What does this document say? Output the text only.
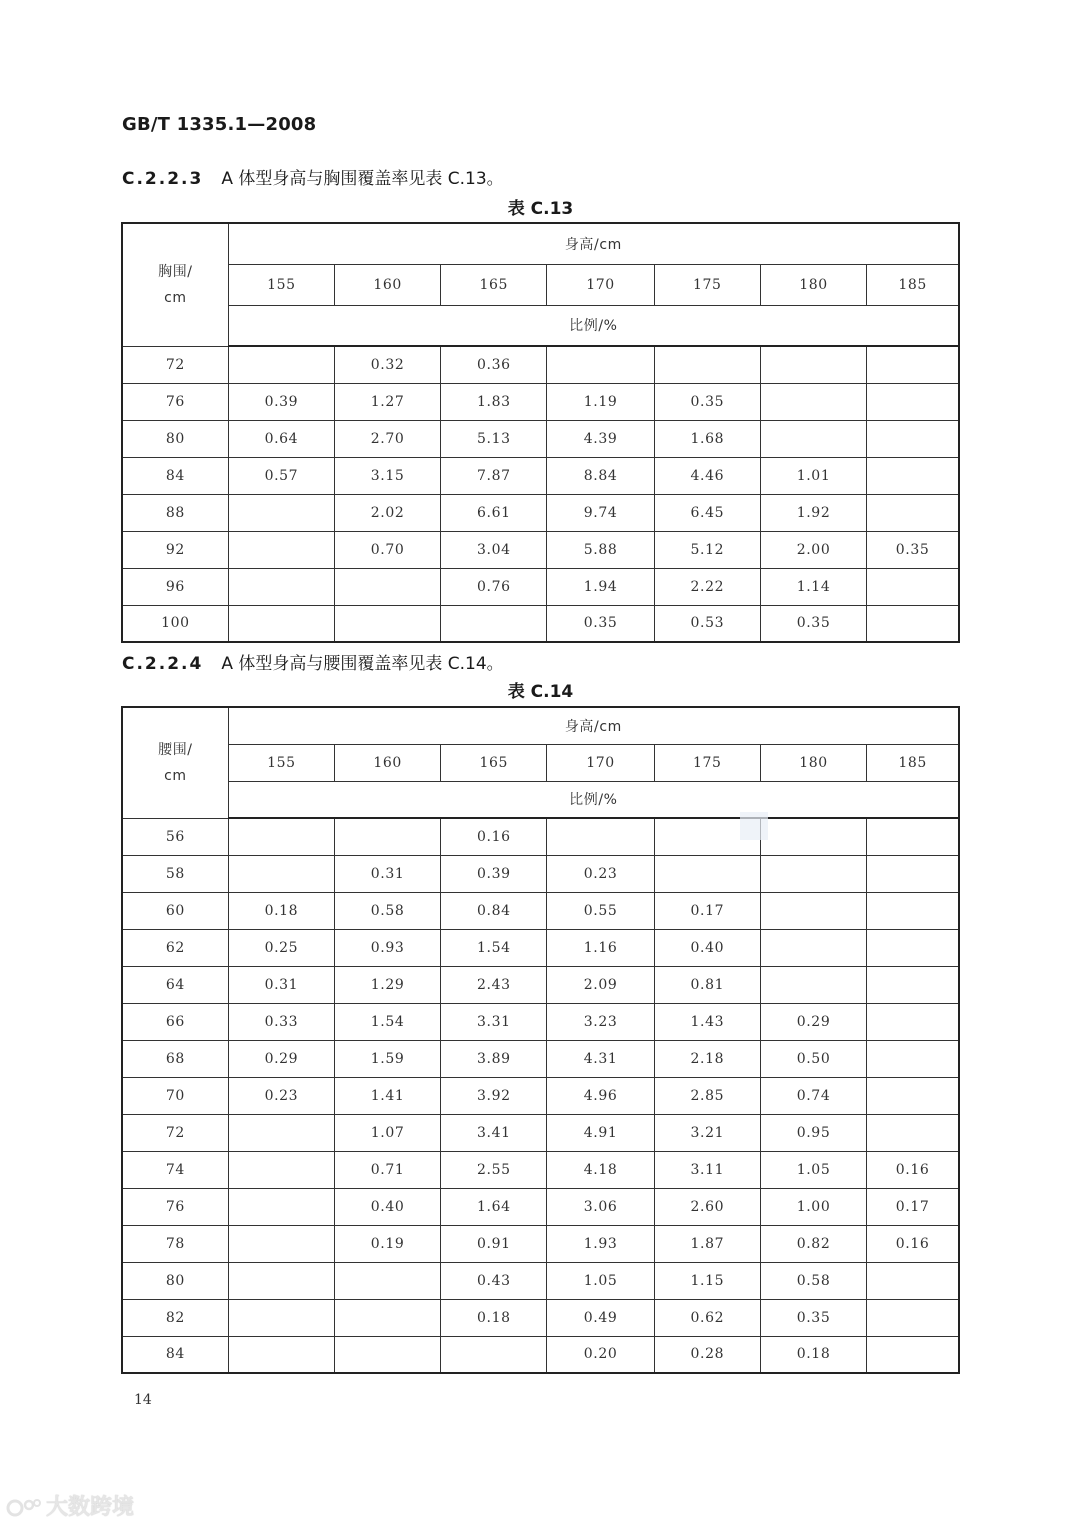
GB/T 1335.1—2008
C.2.2.3 A 体型身高与胸围覆盖率见表 C.13。
表 C.13
胸围/
cm	身高/cm						
	155	160	165	170	175	180	185
	比例/%						
72		0.32	0.36				
76	0.39	1.27	1.83	1.19	0.35		
80	0.64	2.70	5.13	4.39	1.68		
84	0.57	3.15	7.87	8.84	4.46	1.01	
88		2.02	6.61	9.74	6.45	1.92	
92		0.70	3.04	5.88	5.12	2.00	0.35
96			0.76	1.94	2.22	1.14	
100				0.35	0.53	0.35	
C.2.2.4 A 体型身高与腰围覆盖率见表 C.14。
表 C.14
腰围/
cm	身高/cm						
	155	160	165	170	175	180	185
	比例/%						
56			0.16				
58		0.31	0.39	0.23			
60	0.18	0.58	0.84	0.55	0.17		
62	0.25	0.93	1.54	1.16	0.40		
64	0.31	1.29	2.43	2.09	0.81		
66	0.33	1.54	3.31	3.23	1.43	0.29	
68	0.29	1.59	3.89	4.31	2.18	0.50	
70	0.23	1.41	3.92	4.96	2.85	0.74	
72		1.07	3.41	4.91	3.21	0.95	
74		0.71	2.55	4.18	3.11	1.05	0.16
76		0.40	1.64	3.06	2.60	1.00	0.17
78		0.19	0.91	1.93	1.87	0.82	0.16
80			0.43	1.05	1.15	0.58	
82			0.18	0.49	0.62	0.35	
84				0.20	0.28	0.18	
14
大数跨境
